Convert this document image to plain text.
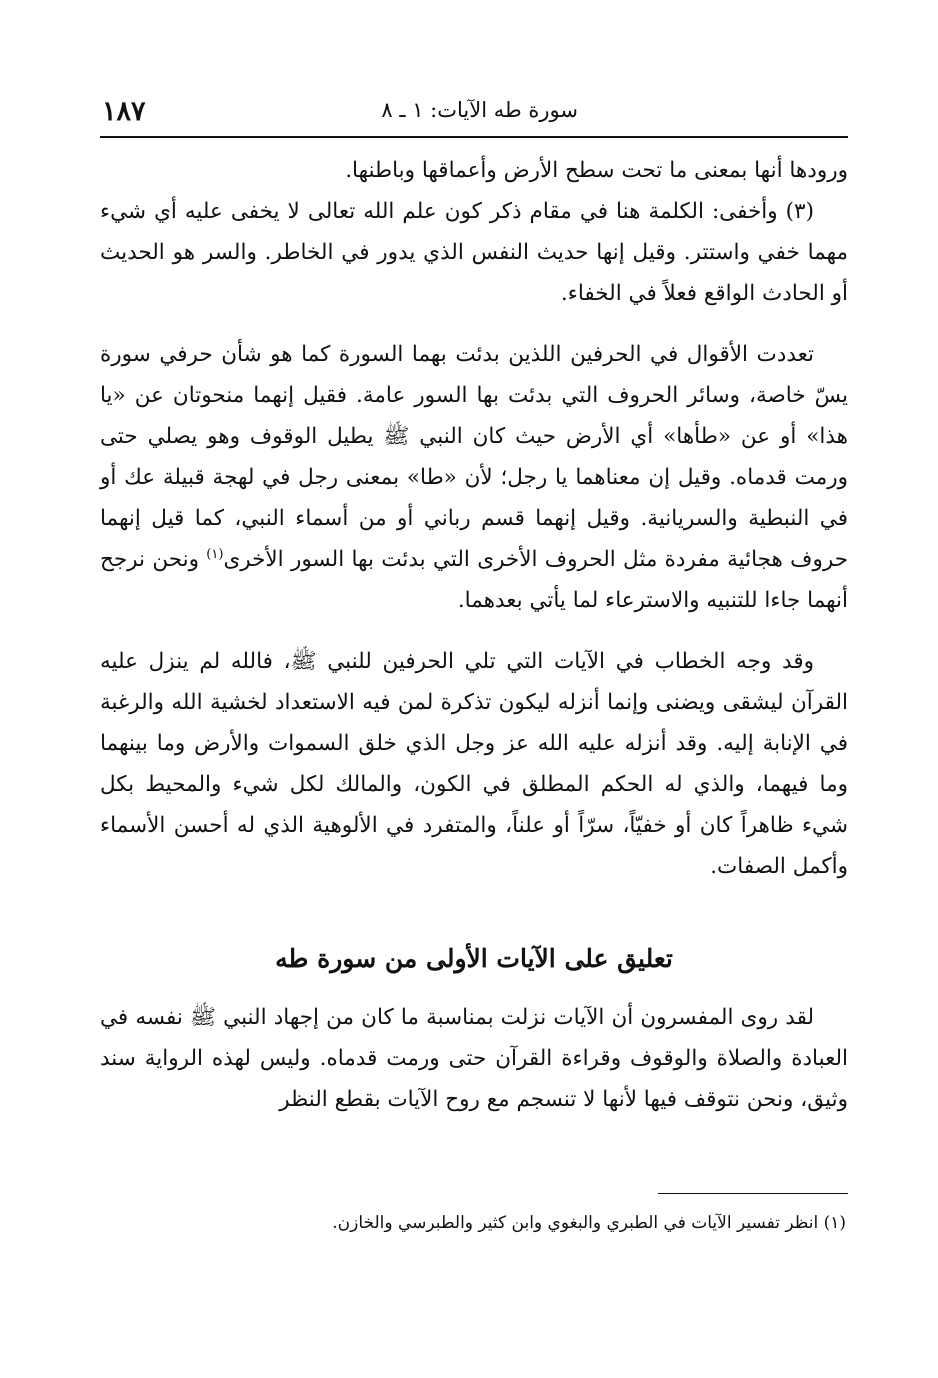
سورة طه الآيات: ١ ـ ٨
١٨٧

ورودها أنها بمعنى ما تحت سطح الأرض وأعماقها وباطنها.

(٣) وأخفى: الكلمة هنا في مقام ذكر كون علم الله تعالى لا يخفى عليه أي شيء مهما خفي واستتر. وقيل إنها حديث النفس الذي يدور في الخاطر. والسر هو الحديث أو الحادث الواقع فعلاً في الخفاء.

تعددت الأقوال في الحرفين اللذين بدئت بهما السورة كما هو شأن حرفي سورة يسّ خاصة، وسائر الحروف التي بدئت بها السور عامة. فقيل إنهما منحوتان عن «يا هذا» أو عن «طأها» أي الأرض حيث كان النبي ﷺ يطيل الوقوف وهو يصلي حتى ورمت قدماه. وقيل إن معناهما يا رجل؛ لأن «طا» بمعنى رجل في لهجة قبيلة عك أو في النبطية والسريانية. وقيل إنهما قسم رباني أو من أسماء النبي، كما قيل إنهما حروف هجائية مفردة مثل الحروف الأخرى التي بدئت بها السور الأخرى$^{(١)}$ ونحن نرجح أنهما جاءا للتنبيه والاسترعاء لما يأتي بعدهما.

وقد وجه الخطاب في الآيات التي تلي الحرفين للنبي ﷺ، فالله لم ينزل عليه القرآن ليشقى ويضنى وإنما أنزله ليكون تذكرة لمن فيه الاستعداد لخشية الله والرغبة في الإنابة إليه. وقد أنزله عليه الله عز وجل الذي خلق السموات والأرض وما بينهما وما فيهما، والذي له الحكم المطلق في الكون، والمالك لكل شيء والمحيط بكل شيء ظاهراً كان أو خفيّاً، سرّاً أو علناً، والمتفرد في الألوهية الذي له أحسن الأسماء وأكمل الصفات.

تعليق على الآيات الأولى من سورة طه

لقد روى المفسرون أن الآيات نزلت بمناسبة ما كان من إجهاد النبي ﷺ نفسه في العبادة والصلاة والوقوف وقراءة القرآن حتى ورمت قدماه. وليس لهذه الرواية سند وثيق، ونحن نتوقف فيها لأنها لا تنسجم مع روح الآيات بقطع النظر

(١) انظر تفسير الآيات في الطبري والبغوي وابن كثير والطبرسي والخازن.
